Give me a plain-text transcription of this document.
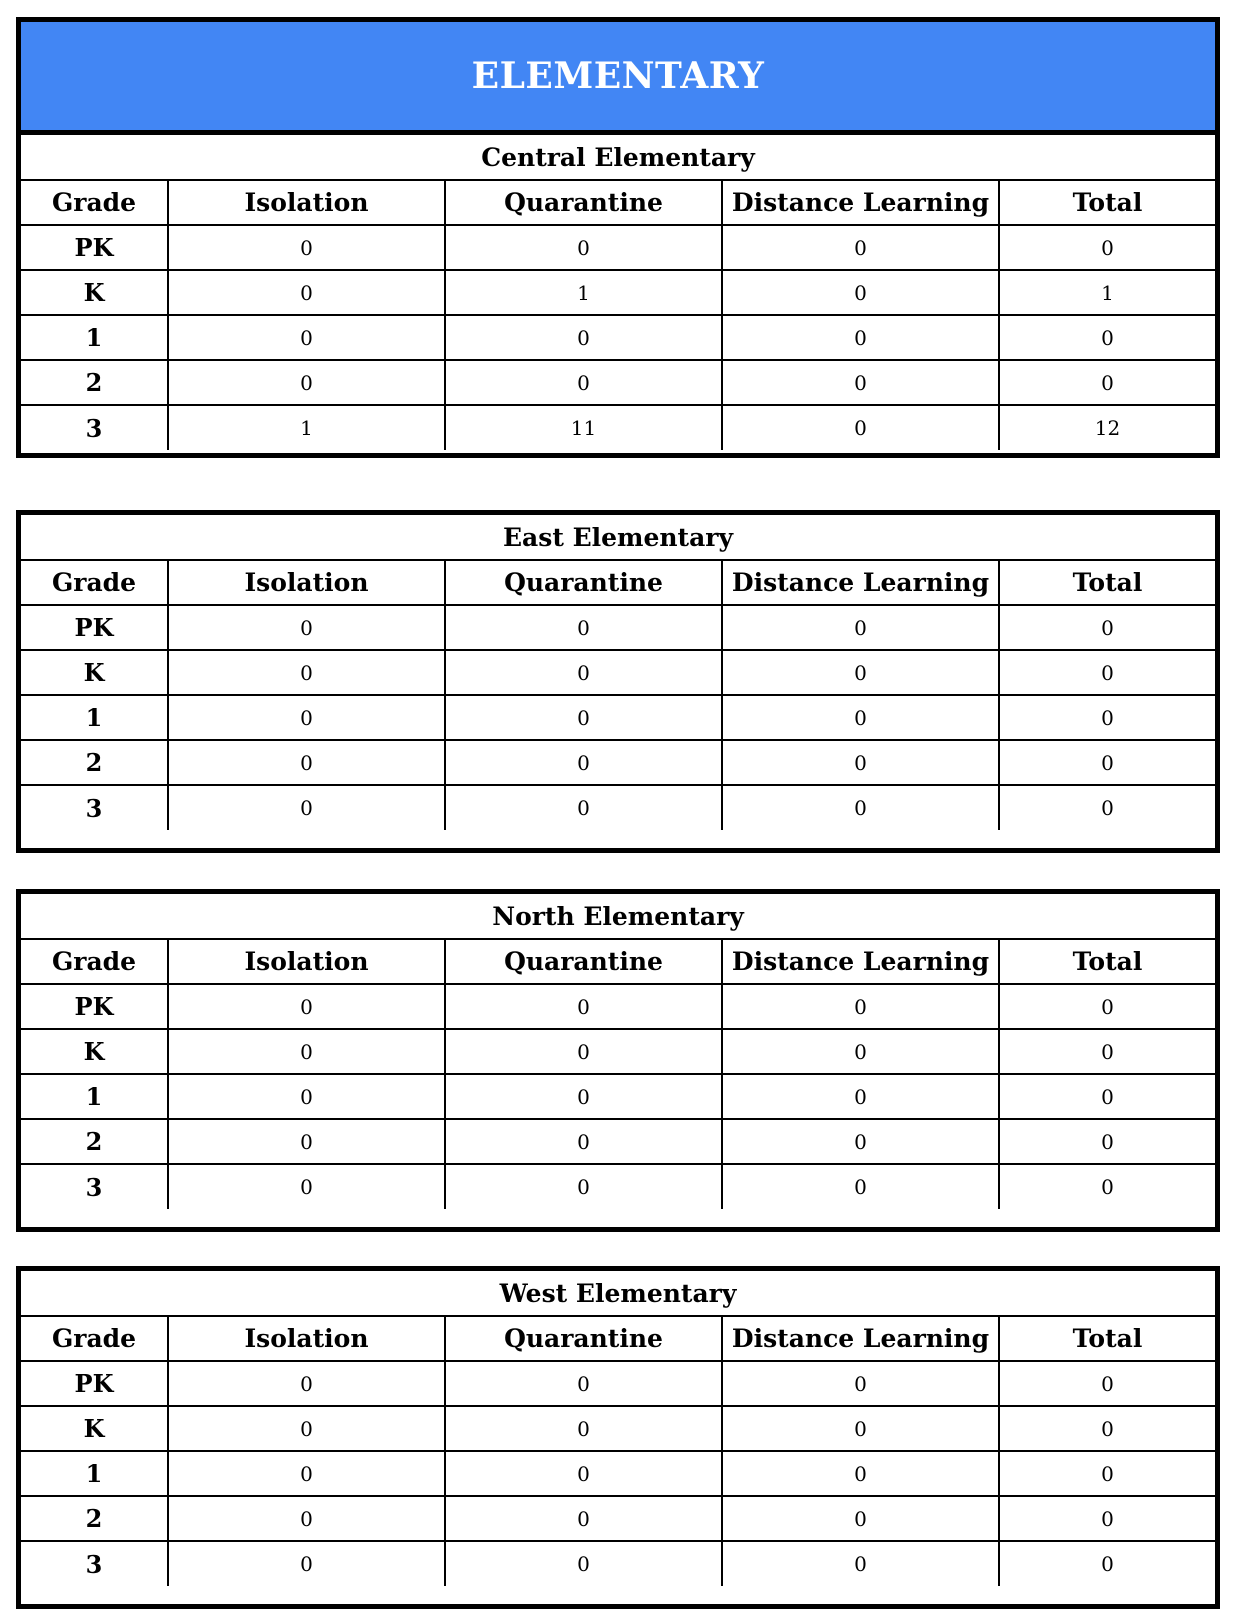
ELEMENTARY
Central Elementary				
Grade	Isolation	Quarantine	Distance Learning	Total
PK	0	0	0	0
K	0	1	0	1
1	0	0	0	0
2	0	0	0	0
3	1	11	0	12
East Elementary				
Grade	Isolation	Quarantine	Distance Learning	Total
PK	0	0	0	0
K	0	0	0	0
1	0	0	0	0
2	0	0	0	0
3	0	0	0	0
North Elementary				
Grade	Isolation	Quarantine	Distance Learning	Total
PK	0	0	0	0
K	0	0	0	0
1	0	0	0	0
2	0	0	0	0
3	0	0	0	0
West Elementary				
Grade	Isolation	Quarantine	Distance Learning	Total
PK	0	0	0	0
K	0	0	0	0
1	0	0	0	0
2	0	0	0	0
3	0	0	0	0
